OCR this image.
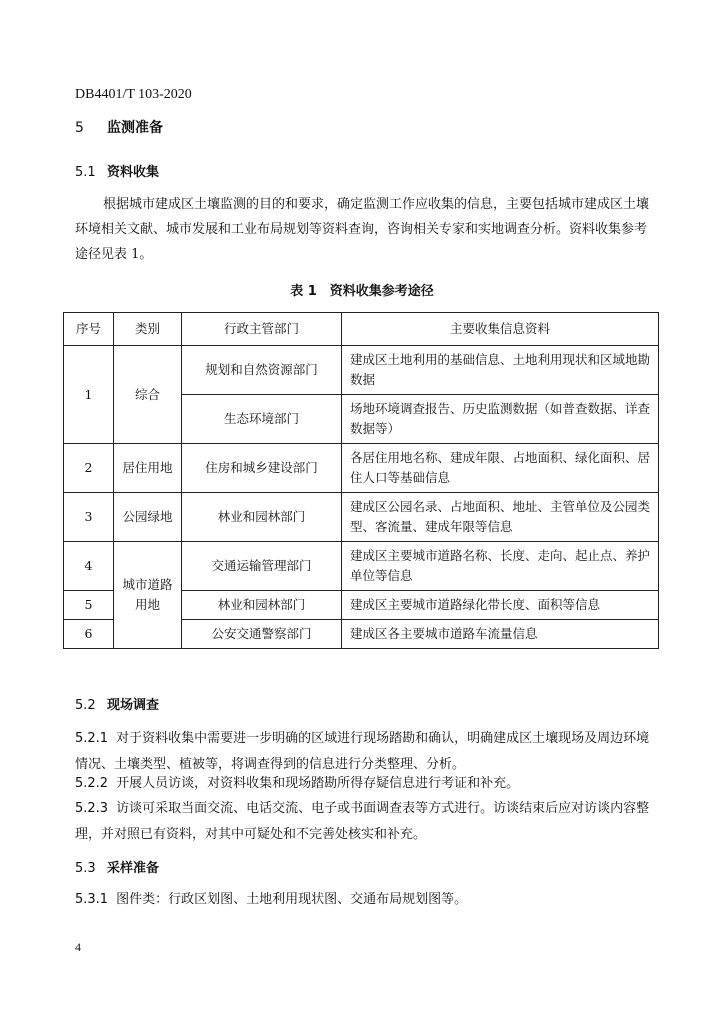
DB4401/T 103-2020
5 监测准备
5.1 资料收集
根据城市建成区土壤监测的目的和要求，确定监测工作应收集的信息，主要包括城市建成区土壤环境相关文献、城市发展和工业布局规划等资料查询，咨询相关专家和实地调查分析。资料收集参考途径见表 1。
表 1　资料收集参考途径
序号	类别	行政主管部门	主要收集信息资料
1	综合	规划和自然资源部门	建成区土地利用的基础信息、土地利用现状和区域地勘数据
		生态环境部门	场地环境调查报告、历史监测数据（如普查数据、详查数据等）
2	居住用地	住房和城乡建设部门	各居住用地名称、建成年限、占地面积、绿化面积、居住人口等基础信息
3	公园绿地	林业和园林部门	建成区公园名录、占地面积、地址、主管单位及公园类型、客流量、建成年限等信息
4	城市道路用地	交通运输管理部门	建成区主要城市道路名称、长度、走向、起止点、养护单位等信息
5		林业和园林部门	建成区主要城市道路绿化带长度、面积等信息
6		公安交通警察部门	建成区各主要城市道路车流量信息
5.2 现场调查
5.2.1 对于资料收集中需要进一步明确的区域进行现场踏勘和确认，明确建成区土壤现场及周边环境情况、土壤类型、植被等，将调查得到的信息进行分类整理、分析。
5.2.2 开展人员访谈，对资料收集和现场踏勘所得存疑信息进行考证和补充。
5.2.3 访谈可采取当面交流、电话交流、电子或书面调查表等方式进行。访谈结束后应对访谈内容整理，并对照已有资料，对其中可疑处和不完善处核实和补充。
5.3 采样准备
5.3.1 图件类：行政区划图、土地利用现状图、交通布局规划图等。
4
